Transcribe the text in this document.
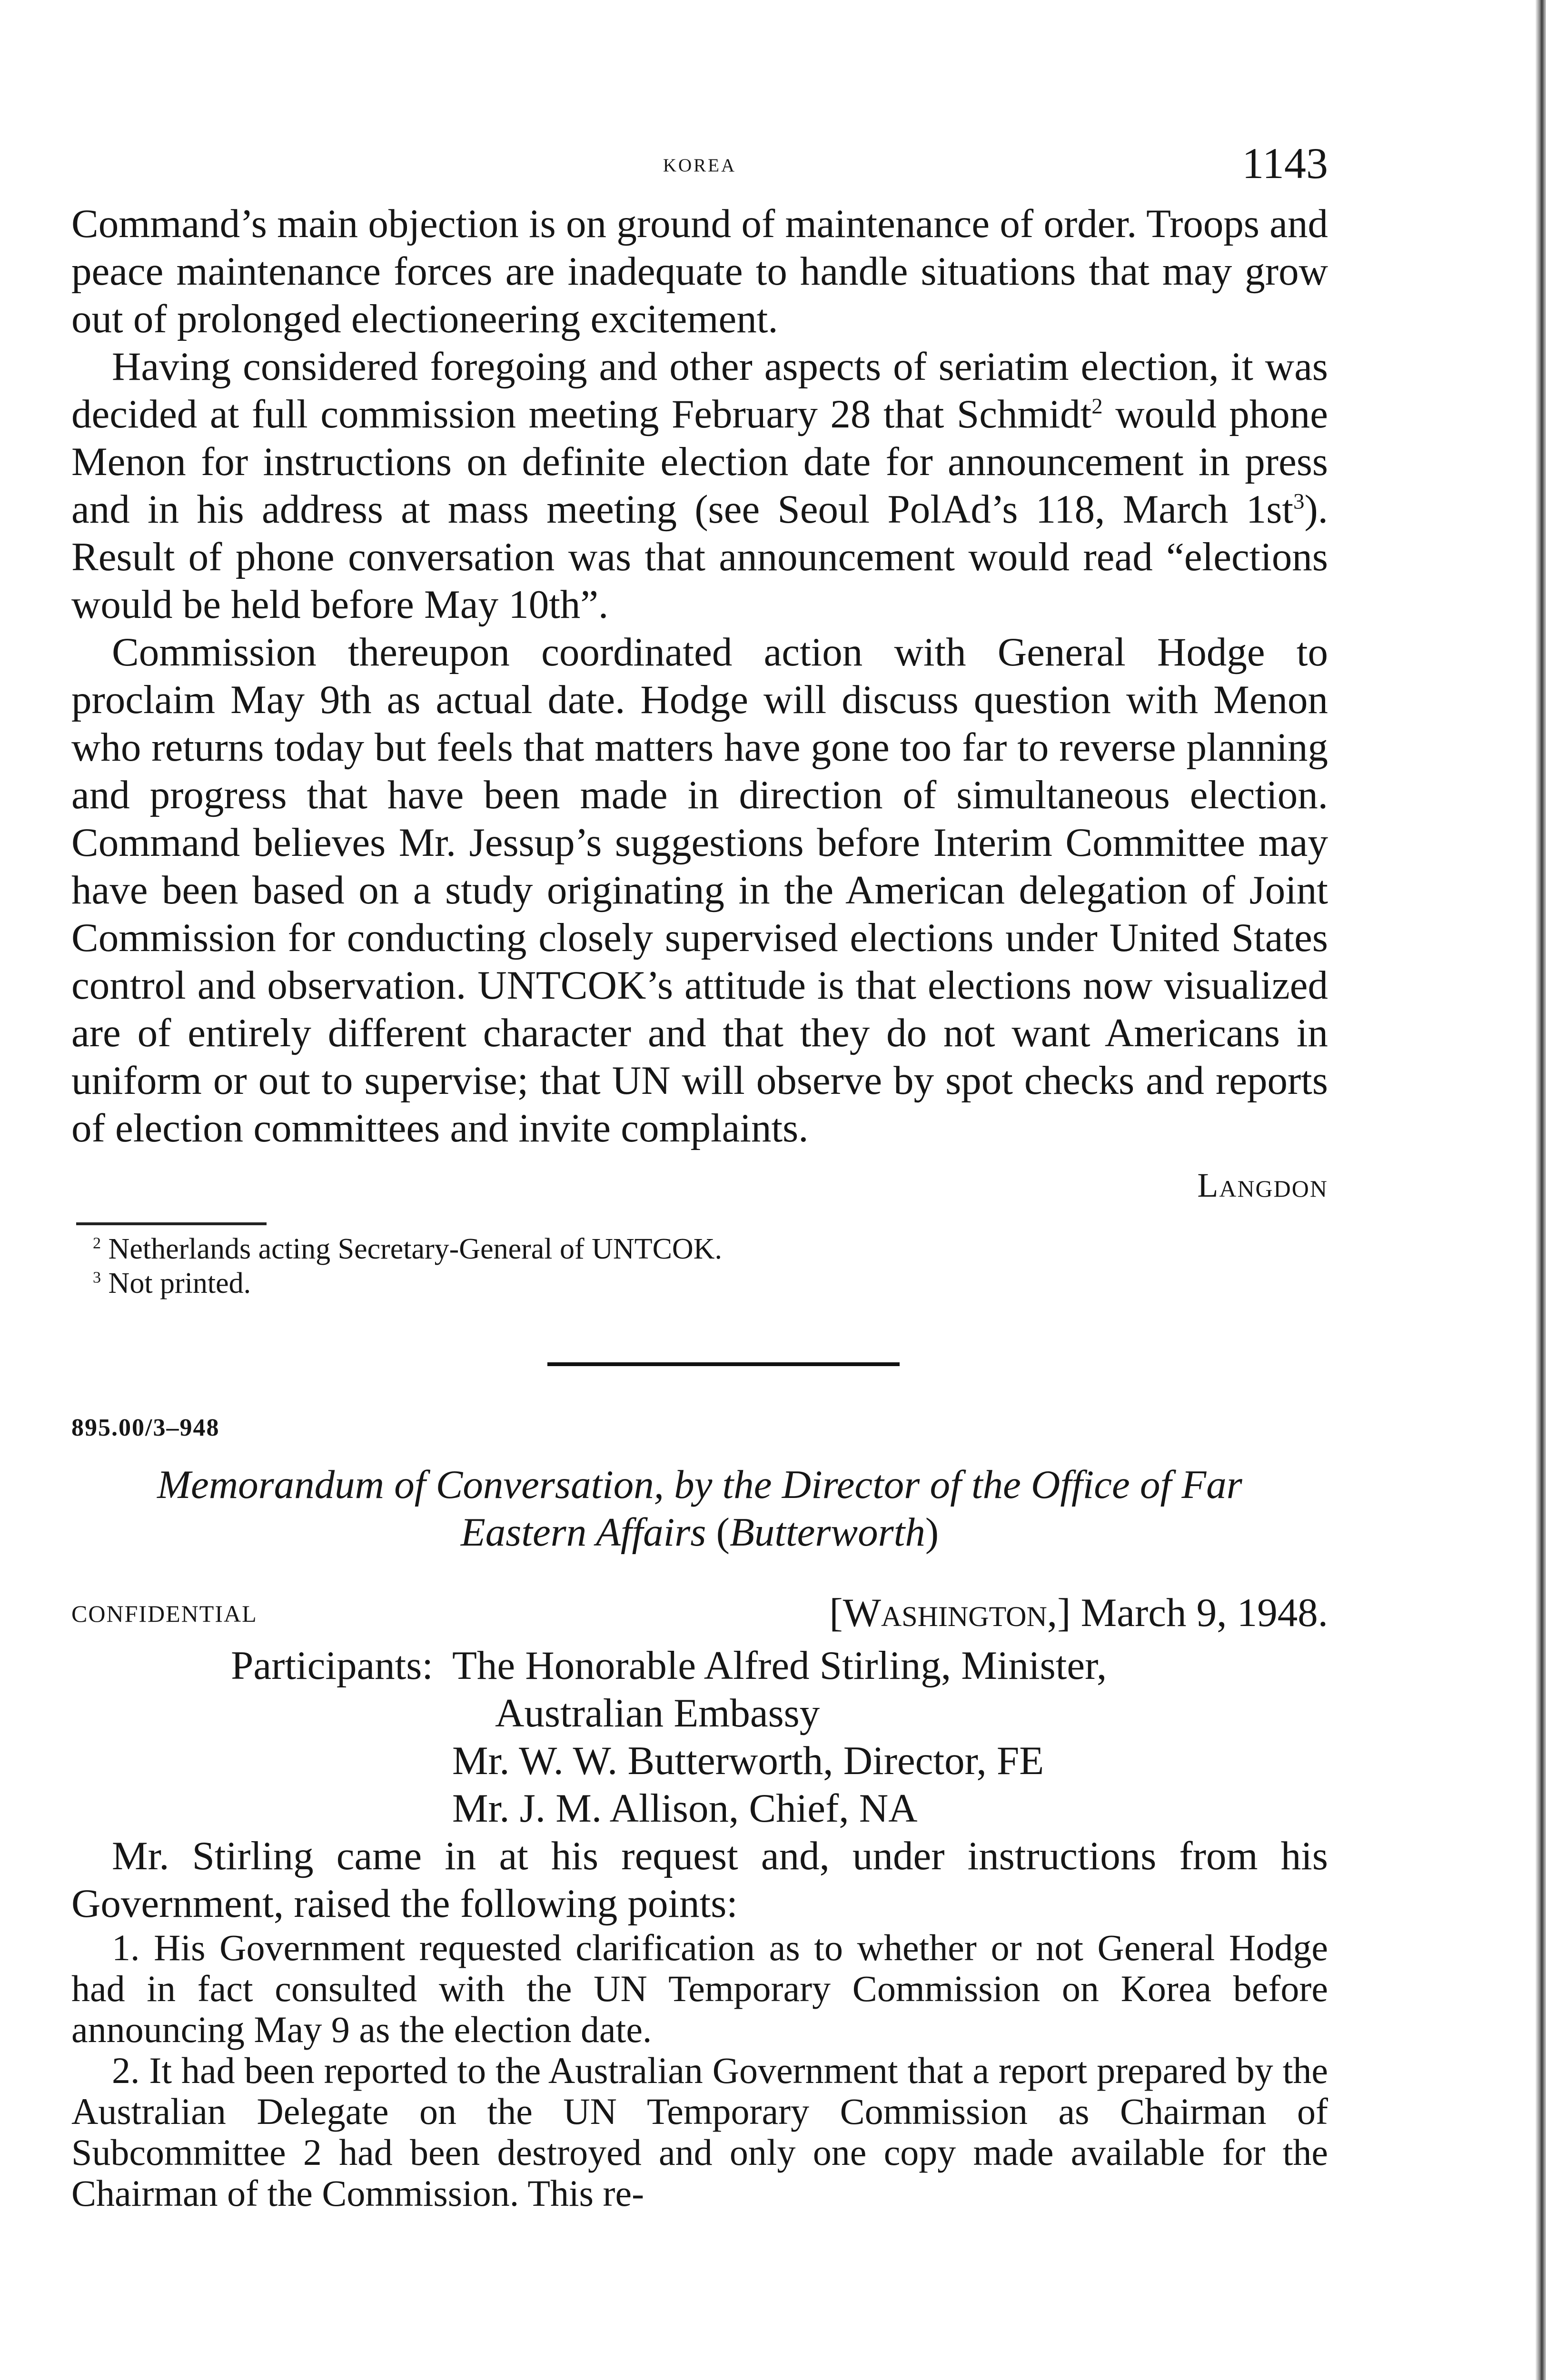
korea	1143

Command’s main objection is on ground of maintenance of order. Troops and peace maintenance forces are inadequate to handle situations that may grow out of prolonged electioneering excitement.

Having considered foregoing and other aspects of seriatim election, it was decided at full commission meeting February 28 that Schmidt$^2$ would phone Menon for instructions on definite election date for announcement in press and in his address at mass meeting (see Seoul PolAd’s 118, March $1st^3$). Result of phone conversation was that announcement would read “elections would be held before May 10th”.

Commission thereupon coordinated action with General Hodge to proclaim May 9th as actual date. Hodge will discuss question with Menon who returns today but feels that matters have gone too far to reverse planning and progress that have been made in direction of simultaneous election. Command believes Mr. Jessup’s suggestions before Interim Committee may have been based on a study originating in the American delegation of Joint Commission for conducting closely supervised elections under United States control and observation. UNTCOK’s attitude is that elections now visualized are of entirely different character and that they do not want Americans in uniform or out to supervise; that UN will observe by spot checks and reports of election committees and invite complaints.

Langdon
$^2$ Netherlands acting Secretary-General of UNTCOK.
$^3$ Not printed.
895.00/3–948
Memorandum of Conversation, by the Director of the Office of Far
Eastern Affairs (Butterworth)
CONFIDENTIAL	[Washington,] March 9, 1948.
Participants: The Honorable Alfred Stirling, Minister,
Australian Embassy
Mr. W. W. Butterworth, Director, FE
Mr. J. M. Allison, Chief, NA

Mr. Stirling came in at his request and, under instructions from his Government, raised the following points:

1. His Government requested clarification as to whether or not General Hodge had in fact consulted with the UN Temporary Commission on Korea before announcing May 9 as the election date.

2. It had been reported to the Australian Government that a report prepared by the Australian Delegate on the UN Temporary Commission as Chairman of Subcommittee 2 had been destroyed and only one copy made available for the Chairman of the Commission. This re-
